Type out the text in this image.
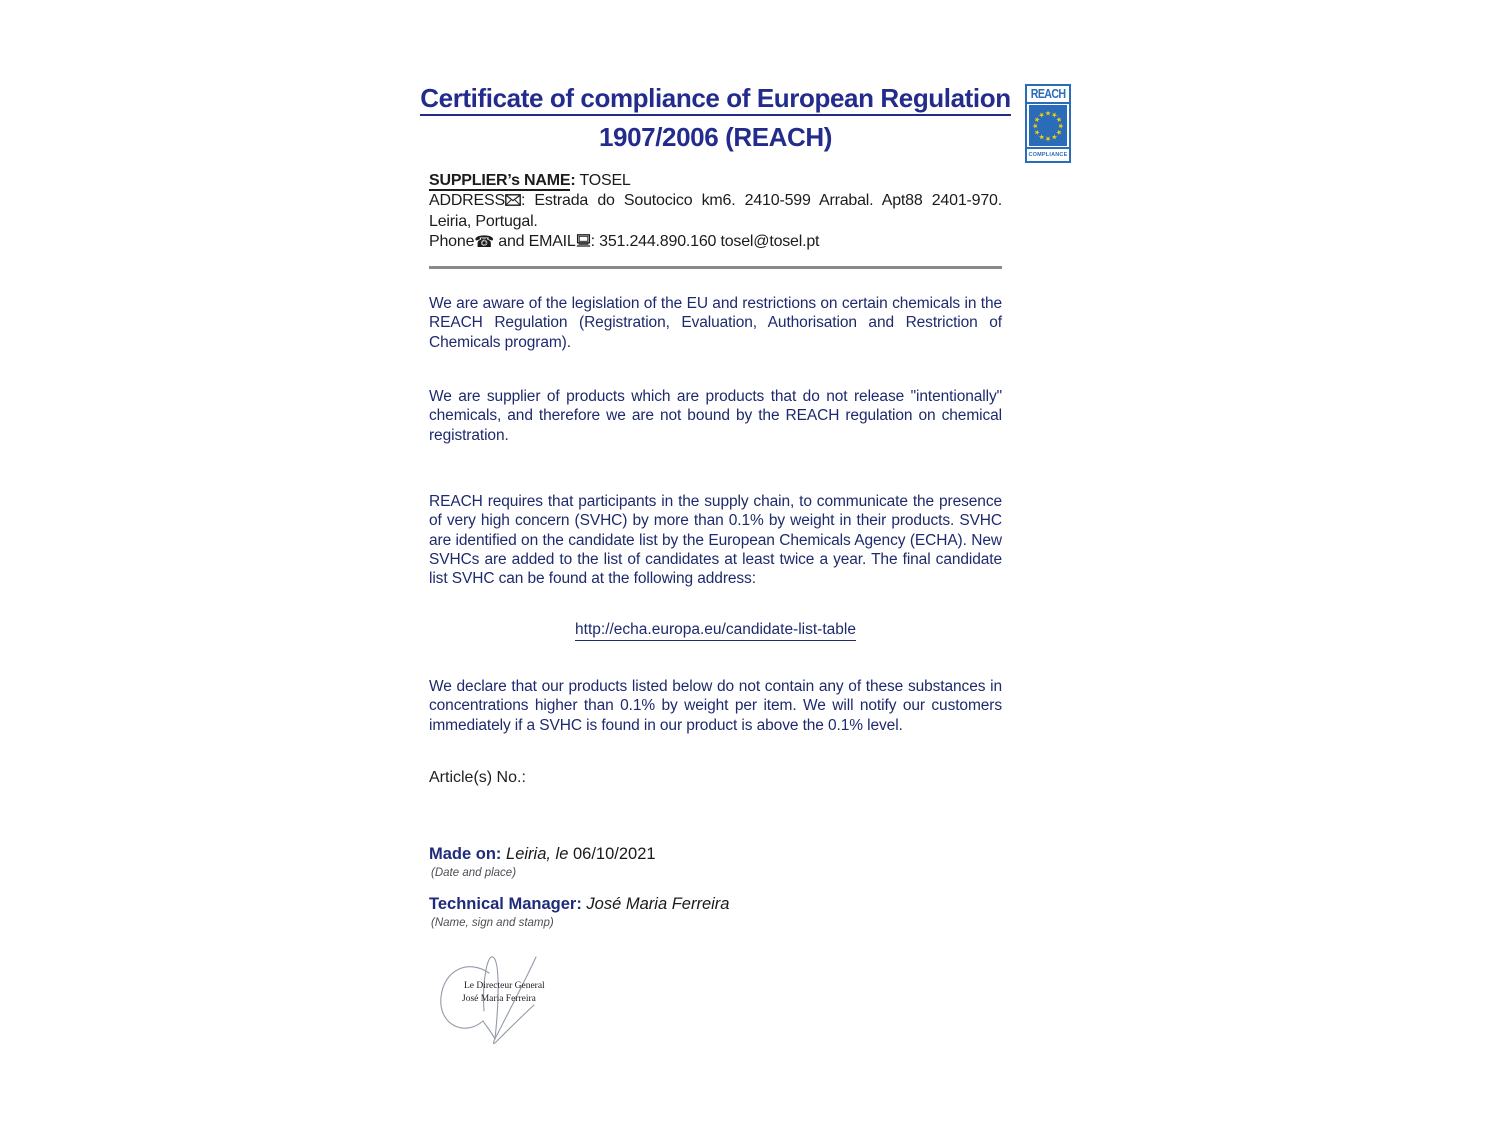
Certificate of compliance of European Regulation
1907/2006 (REACH)
SUPPLIER’s NAME: TOSEL
ADDRESS : Estrada do Soutocico km6. 2410-599 Arrabal. Apt88 2401-970. Leiria, Portugal.
Phone☎ and EMAIL : 351.244.890.160 tosel@tosel.pt
We are aware of the legislation of the EU and restrictions on certain chemicals in the REACH Regulation (Registration, Evaluation, Authorisation and Restriction of Chemicals program).
We are supplier of products which are products that do not release "intentionally" chemicals, and therefore we are not bound by the REACH regulation on chemical registration.
REACH requires that participants in the supply chain, to communicate the presence of very high concern (SVHC) by more than 0.1% by weight in their products. SVHC are identified on the candidate list by the European Chemicals Agency (ECHA). New SVHCs are added to the list of candidates at least twice a year. The final candidate list SVHC can be found at the following address:
http://echa.europa.eu/candidate-list-table
We declare that our products listed below do not contain any of these substances in concentrations higher than 0.1% by weight per item. We will notify our customers immediately if a SVHC is found in our product is above the 0.1% level.
Article(s) No.:
Made on: Leiria, le 06/10/2021
(Date and place)
Technical Manager: José Maria Ferreira
(Name, sign and stamp)
Le Directeur General
José Maria Ferreira
REACH
★
★
★
★
★
★
★
★
★
★
★
★
COMPLIANCE
